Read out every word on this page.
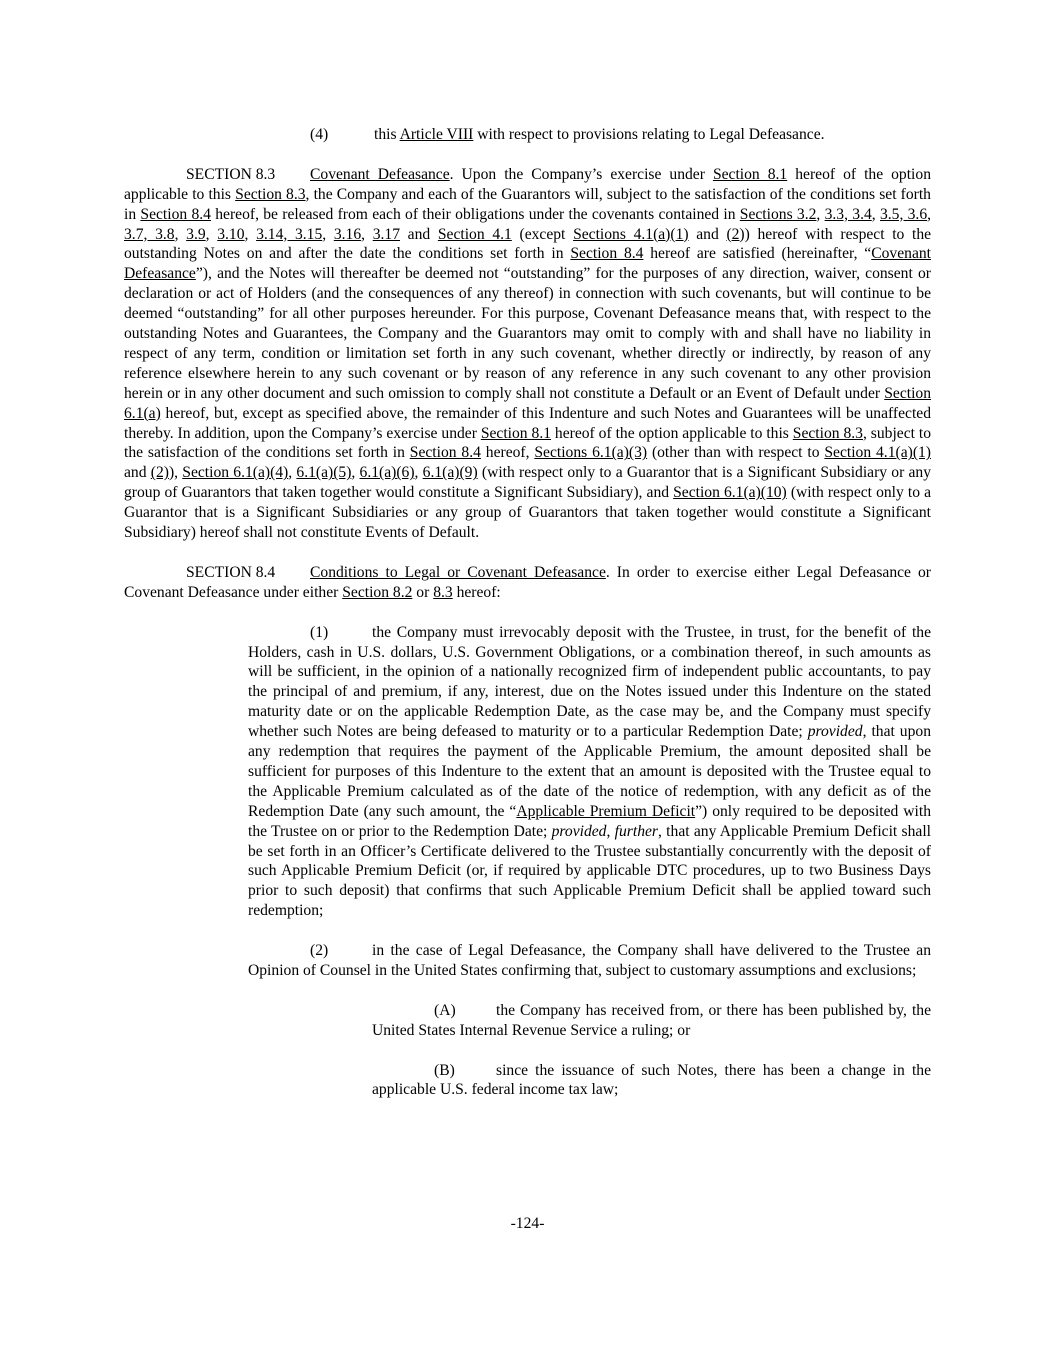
(4)	this Article VIII with respect to provisions relating to Legal Defeasance.

SECTION 8.3 Covenant Defeasance. Upon the Company’s exercise under Section 8.1 hereof of the option applicable to this Section 8.3, the Company and each of the Guarantors will, subject to the satisfaction of the conditions set forth in Section 8.4 hereof, be released from each of their obligations under the covenants contained in Sections 3.2, 3.3, 3.4, 3.5, 3.6, 3.7, 3.8, 3.9, 3.10, 3.14, 3.15, 3.16, 3.17 and Section 4.1 (except Sections 4.1(a)(1) and (2)) hereof with respect to the outstanding Notes on and after the date the conditions set forth in Section 8.4 hereof are satisfied (hereinafter, “Covenant Defeasance”), and the Notes will thereafter be deemed not “outstanding” for the purposes of any direction, waiver, consent or declaration or act of Holders (and the consequences of any thereof) in connection with such covenants, but will continue to be deemed “outstanding” for all other purposes hereunder. For this purpose, Covenant Defeasance means that, with respect to the outstanding Notes and Guarantees, the Company and the Guarantors may omit to comply with and shall have no liability in respect of any term, condition or limitation set forth in any such covenant, whether directly or indirectly, by reason of any reference elsewhere herein to any such covenant or by reason of any reference in any such covenant to any other provision herein or in any other document and such omission to comply shall not constitute a Default or an Event of Default under Section 6.1(a) hereof, but, except as specified above, the remainder of this Indenture and such Notes and Guarantees will be unaffected thereby. In addition, upon the Company’s exercise under Section 8.1 hereof of the option applicable to this Section 8.3, subject to the satisfaction of the conditions set forth in Section 8.4 hereof, Sections 6.1(a)(3) (other than with respect to Section 4.1(a)(1) and (2)), Section 6.1(a)(4), 6.1(a)(5), 6.1(a)(6), 6.1(a)(9) (with respect only to a Guarantor that is a Significant Subsidiary or any group of Guarantors that taken together would constitute a Significant Subsidiary), and Section 6.1(a)(10) (with respect only to a Guarantor that is a Significant Subsidiaries or any group of Guarantors that taken together would constitute a Significant Subsidiary) hereof shall not constitute Events of Default.

SECTION 8.4 Conditions to Legal or Covenant Defeasance. In order to exercise either Legal Defeasance or Covenant Defeasance under either Section 8.2 or 8.3 hereof:

(1)	the Company must irrevocably deposit with the Trustee, in trust, for the benefit of the Holders, cash in U.S. dollars, U.S. Government Obligations, or a combination thereof, in such amounts as will be sufficient, in the opinion of a nationally recognized firm of independent public accountants, to pay the principal of and premium, if any, interest, due on the Notes issued under this Indenture on the stated maturity date or on the applicable Redemption Date, as the case may be, and the Company must specify whether such Notes are being defeased to maturity or to a particular Redemption Date; provided, that upon any redemption that requires the payment of the Applicable Premium, the amount deposited shall be sufficient for purposes of this Indenture to the extent that an amount is deposited with the Trustee equal to the Applicable Premium calculated as of the date of the notice of redemption, with any deficit as of the Redemption Date (any such amount, the “Applicable Premium Deficit”) only required to be deposited with the Trustee on or prior to the Redemption Date; provided, further, that any Applicable Premium Deficit shall be set forth in an Officer’s Certificate delivered to the Trustee substantially concurrently with the deposit of such Applicable Premium Deficit (or, if required by applicable DTC procedures, up to two Business Days prior to such deposit) that confirms that such Applicable Premium Deficit shall be applied toward such redemption;

(2)	in the case of Legal Defeasance, the Company shall have delivered to the Trustee an Opinion of Counsel in the United States confirming that, subject to customary assumptions and exclusions;

(A)	the Company has received from, or there has been published by, the United States Internal Revenue Service a ruling; or

(B)	since the issuance of such Notes, there has been a change in the applicable U.S. federal income tax law;

-124-
